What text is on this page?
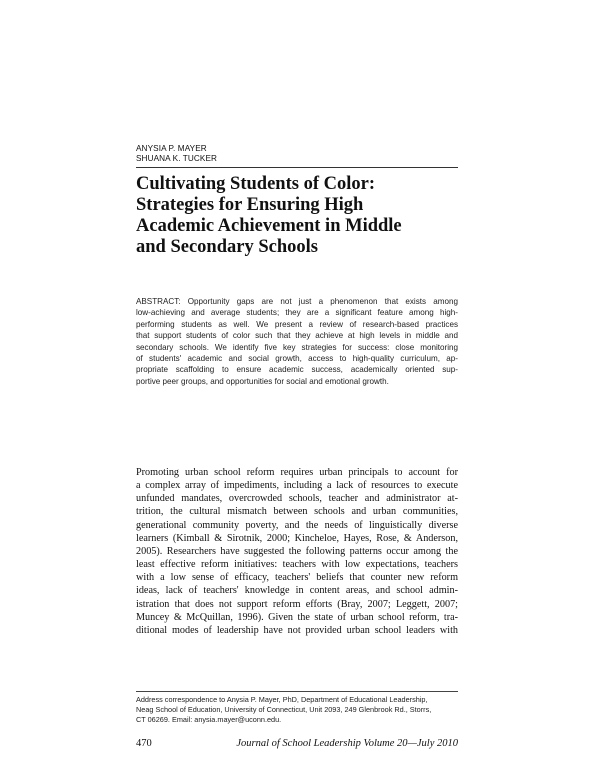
ANYSIA P. MAYER
SHUANA K. TUCKER
Cultivating Students of Color:
Strategies for Ensuring High
Academic Achievement in Middle
and Secondary Schools
ABSTRACT: Opportunity gaps are not just a phenomenon that exists among
low-achieving and average students; they are a significant feature among high-
performing students as well. We present a review of research-based practices
that support students of color such that they achieve at high levels in middle and
secondary schools. We identify five key strategies for success: close monitoring
of students' academic and social growth, access to high-quality curriculum, ap-
propriate scaffolding to ensure academic success, academically oriented sup-
portive peer groups, and opportunities for social and emotional growth.
Promoting urban school reform requires urban principals to account for
a complex array of impediments, including a lack of resources to execute
unfunded mandates, overcrowded schools, teacher and administrator at-
trition, the cultural mismatch between schools and urban communities,
generational community poverty, and the needs of linguistically diverse
learners (Kimball & Sirotnik, 2000; Kincheloe, Hayes, Rose, & Anderson,
2005). Researchers have suggested the following patterns occur among the
least effective reform initiatives: teachers with low expectations, teachers
with a low sense of efficacy, teachers' beliefs that counter new reform
ideas, lack of teachers' knowledge in content areas, and school admin-
istration that does not support reform efforts (Bray, 2007; Leggett, 2007;
Muncey & McQuillan, 1996). Given the state of urban school reform, tra-
ditional modes of leadership have not provided urban school leaders with
Address correspondence to Anysia P. Mayer, PhD, Department of Educational Leadership,
Neag School of Education, University of Connecticut, Unit 2093, 249 Glenbrook Rd., Storrs,
CT 06269. Email: anysia.mayer@uconn.edu.
470	Journal of School Leadership Volume 20—July 2010
